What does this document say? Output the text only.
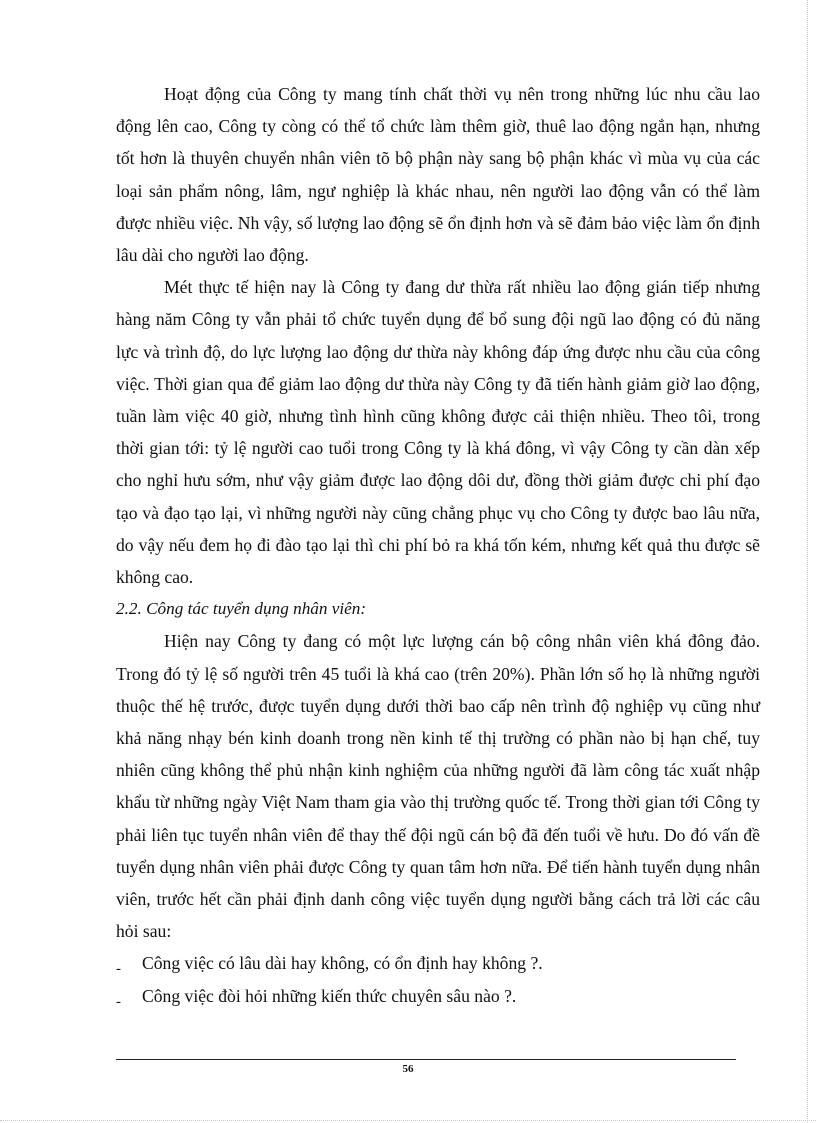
Hoạt động của Công ty mang tính chất thời vụ nên trong những lúc nhu cầu lao động lên cao, Công ty còng có thể tổ chức làm thêm giờ, thuê lao động ngắn hạn, nhưng tốt hơn là thuyên chuyển nhân viên tõ bộ phận này sang bộ phận khác vì mùa vụ của các loại sản phẩm nông, lâm, ngư nghiệp là khác nhau, nên người lao động vẫn có thể làm được nhiều việc. Nh vậy, số lượng lao động sẽ ổn định hơn và sẽ đảm bảo việc làm ổn định lâu dài cho người lao động.

Mét thực tế hiện nay là Công ty đang dư thừa rất nhiều lao động gián tiếp nhưng hàng năm Công ty vẫn phải tổ chức tuyển dụng để bổ sung đội ngũ lao động có đủ năng lực và trình độ, do lực lượng lao động dư thừa này không đáp ứng được nhu cầu của công việc. Thời gian qua để giảm lao động dư thừa này Công ty đã tiến hành giảm giờ lao động, tuần làm việc 40 giờ, nhưng tình hình cũng không được cải thiện nhiều. Theo tôi, trong thời gian tới: tỷ lệ người cao tuổi trong Công ty là khá đông, vì vậy Công ty cần dàn xếp cho nghỉ hưu sớm, như vậy giảm được lao động dôi dư, đồng thời giảm được chi phí đạo tạo và đạo tạo lại, vì những người này cũng chẳng phục vụ cho Công ty được bao lâu nữa, do vậy nếu đem họ đi đào tạo lại thì chi phí bỏ ra khá tốn kém, nhưng kết quả thu được sẽ không cao.

2.2. Công tác tuyển dụng nhân viên:

Hiện nay Công ty đang có một lực lượng cán bộ công nhân viên khá đông đảo. Trong đó tỷ lệ số người trên 45 tuổi là khá cao (trên 20%). Phần lớn số họ là những người thuộc thế hệ trước, được tuyển dụng dưới thời bao cấp nên trình độ nghiệp vụ cũng như khả năng nhạy bén kinh doanh trong nền kinh tế thị trường có phần nào bị hạn chế, tuy nhiên cũng không thể phủ nhận kinh nghiệm của những người đã làm công tác xuất nhập khẩu từ những ngày Việt Nam tham gia vào thị trường quốc tế. Trong thời gian tới Công ty phải liên tục tuyển nhân viên để thay thế đội ngũ cán bộ đã đến tuổi về hưu. Do đó vấn đề tuyển dụng nhân viên phải được Công ty quan tâm hơn nữa. Để tiến hành tuyển dụng nhân viên, trước hết cần phải định danh công việc tuyển dụng người bằng cách trả lời các câu hỏi sau:

- Công việc có lâu dài hay không, có ổn định hay không ?.

- Công việc đòi hỏi những kiến thức chuyên sâu nào ?.

56
